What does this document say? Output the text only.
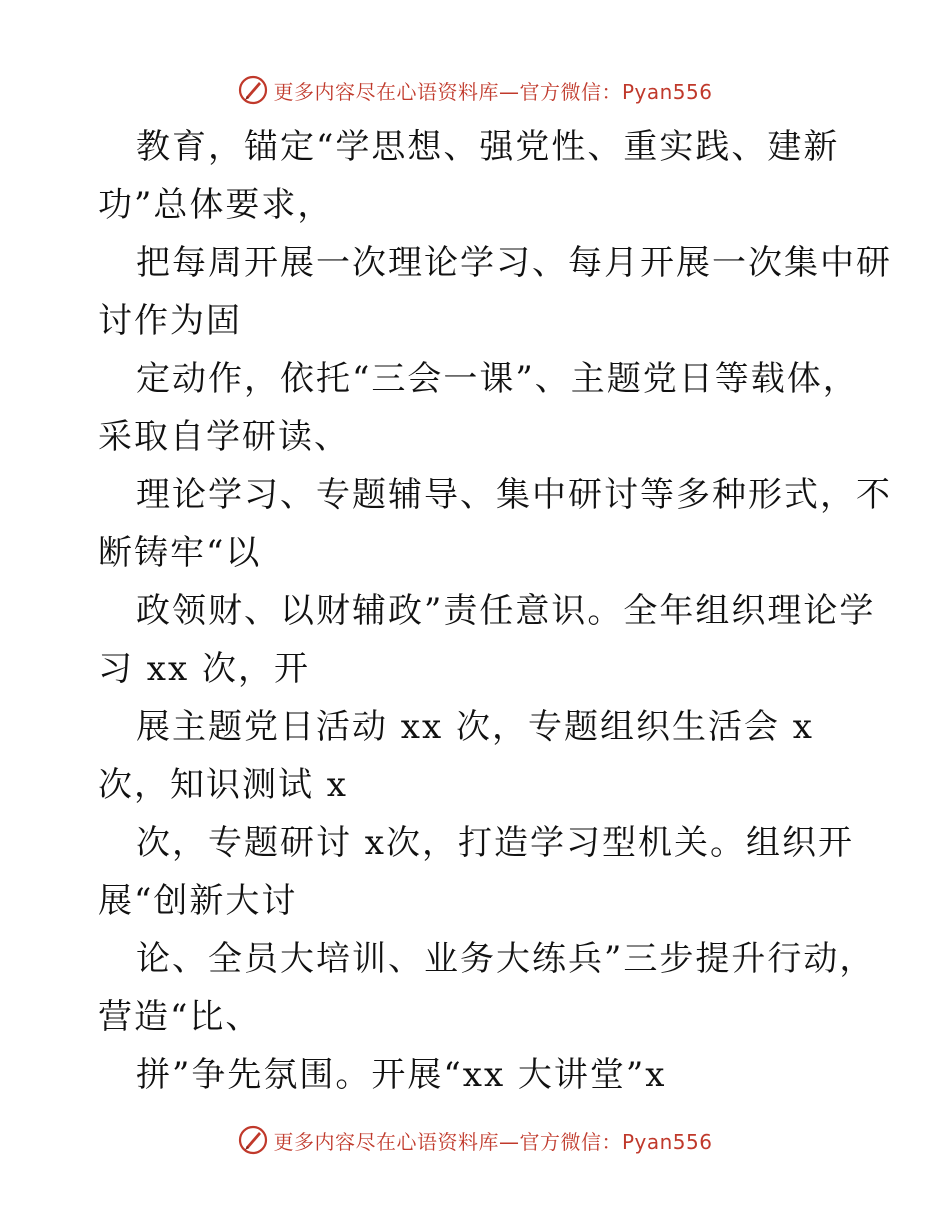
更多内容尽在心语资料库—官方微信：Pyan556
教育，锚定“学思想、强党性、重实践、建新
功”总体要求，
把每周开展一次理论学习、每月开展一次集中研
讨作为固
定动作，依托“三会一课”、主题党日等载体，
采取自学研读、
理论学习、专题辅导、集中研讨等多种形式，不
断铸牢“以
政领财、以财辅政”责任意识。全年组织理论学
习 xx 次，开
展主题党日活动 xx 次，专题组织生活会 x
次，知识测试 x
次，专题研讨 x次，打造学习型机关。组织开
展“创新大讨
论、全员大培训、业务大练兵”三步提升行动，
营造“比、
拼”争先氛围。开展“xx 大讲堂”x
更多内容尽在心语资料库—官方微信：Pyan556
